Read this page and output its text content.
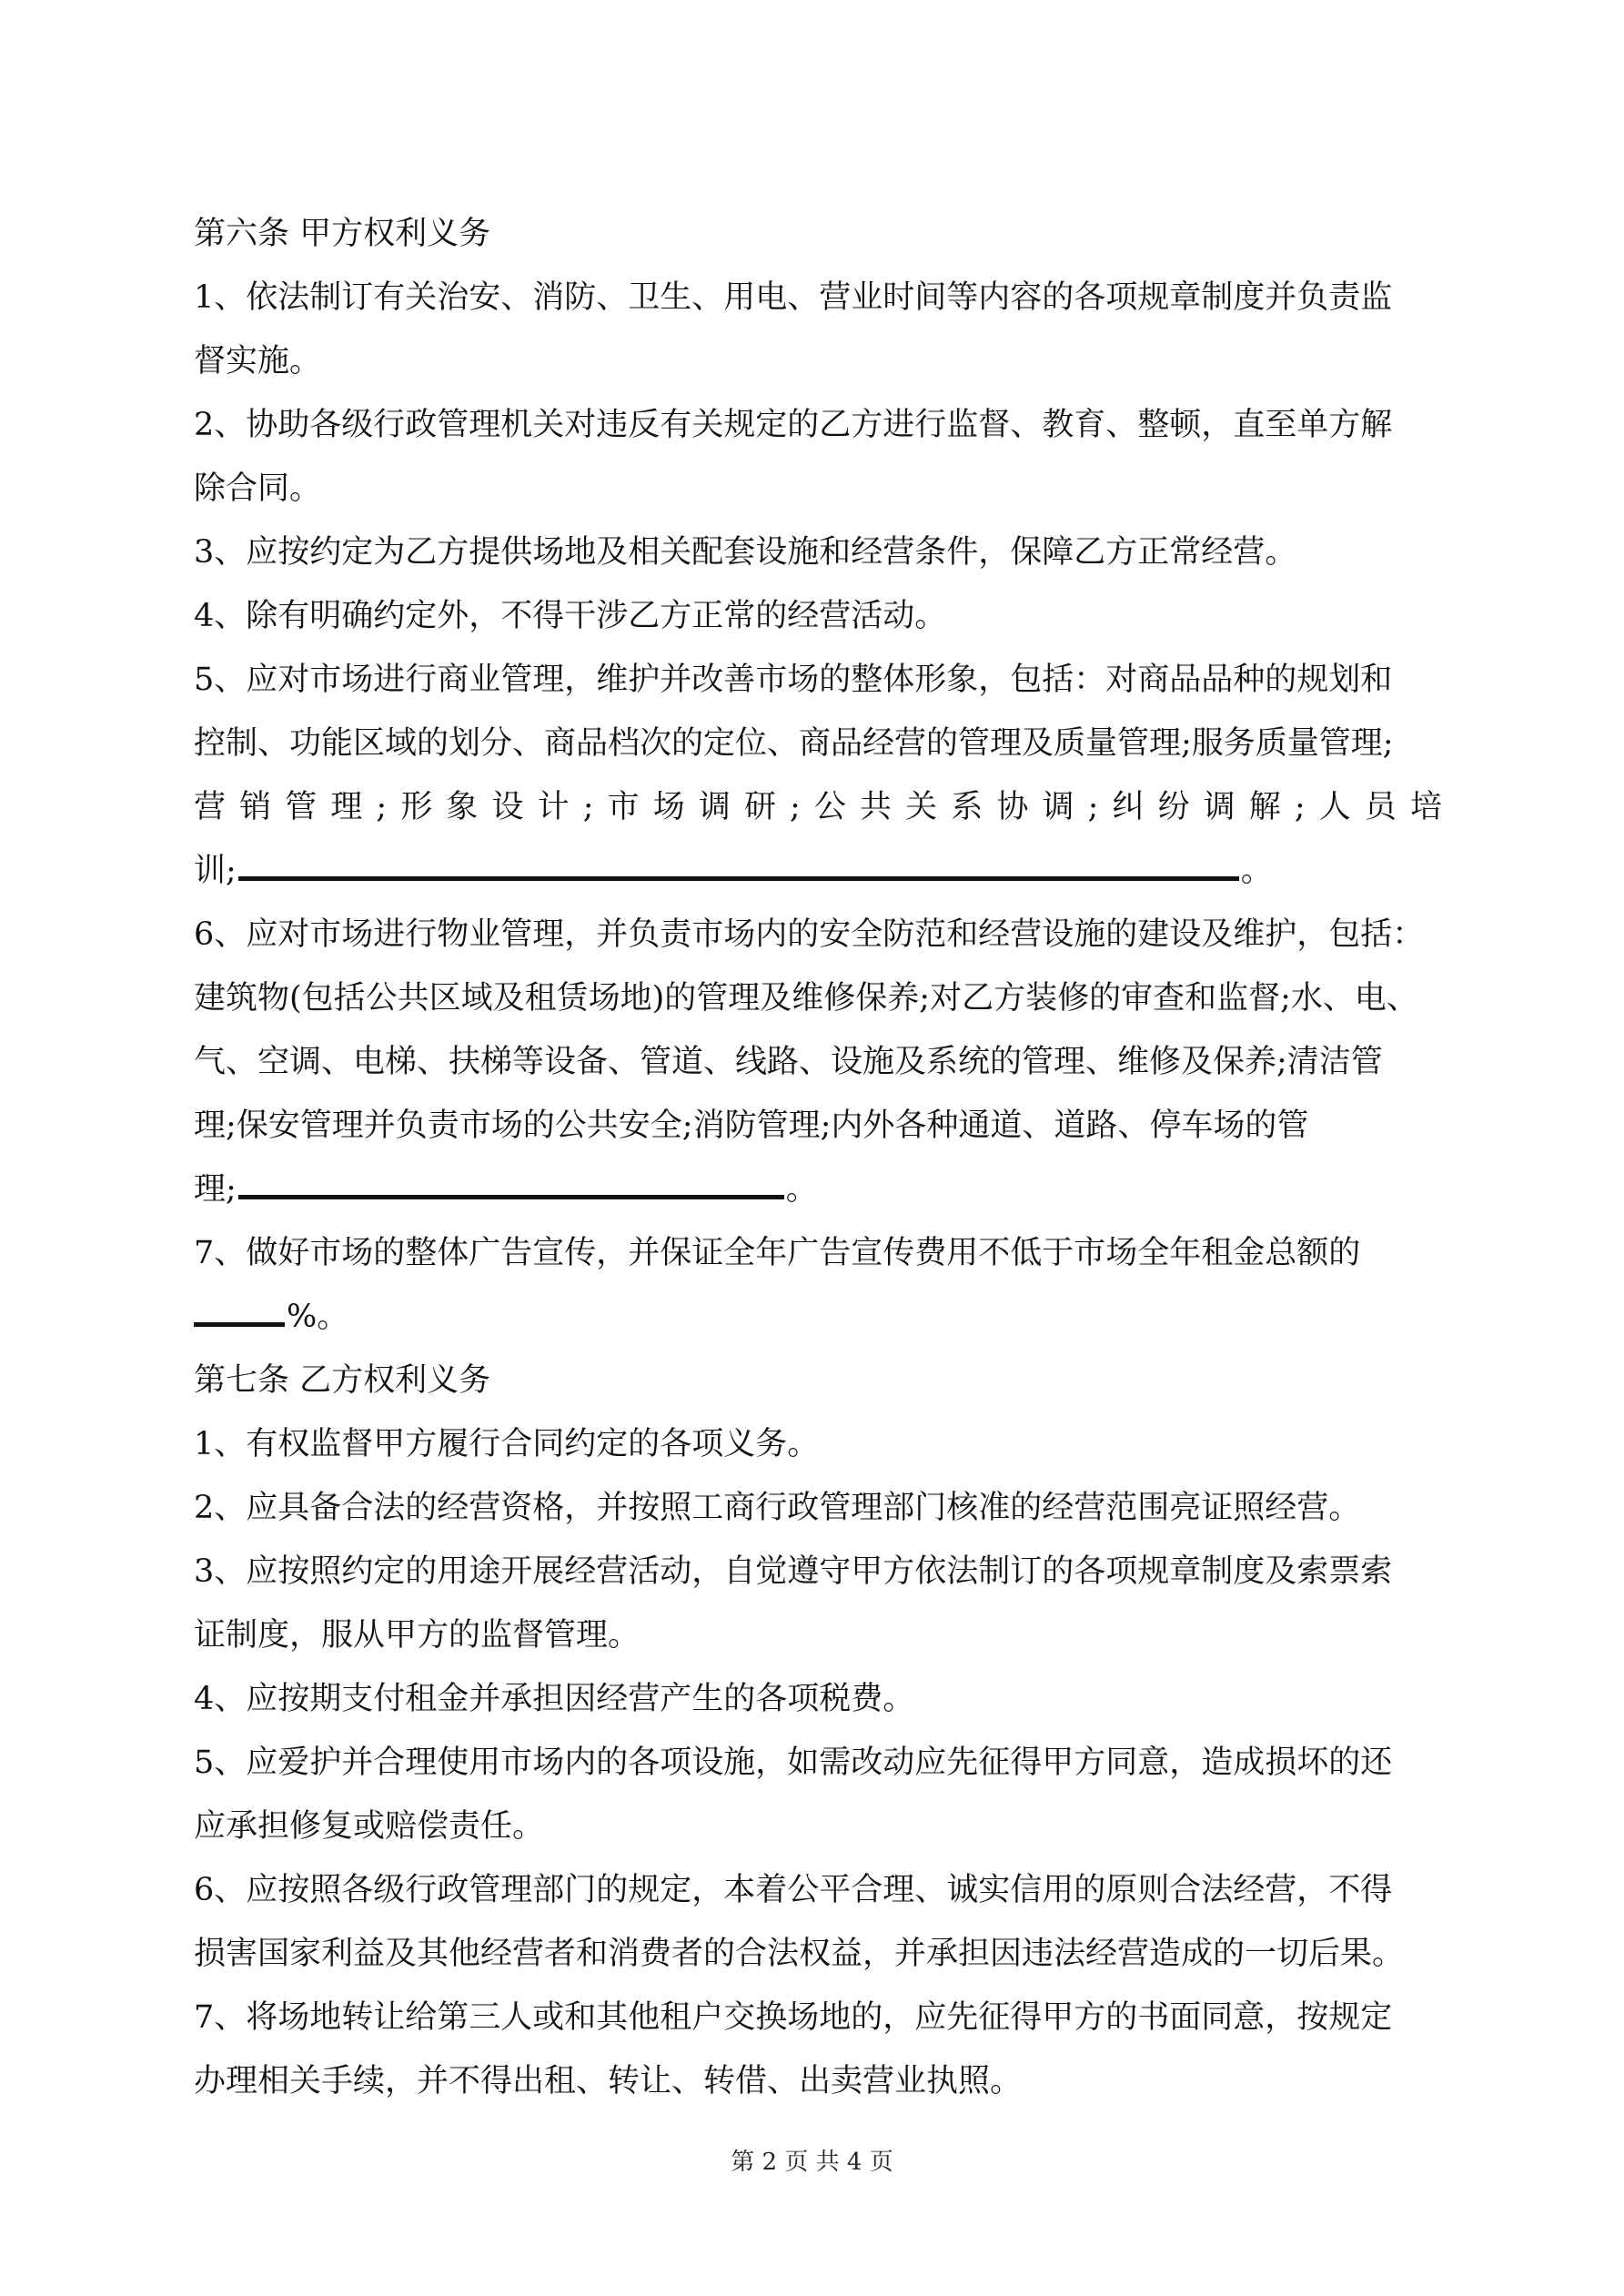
第六条 甲方权利义务
1、依法制订有关治安、消防、卫生、用电、营业时间等内容的各项规章制度并负责监
督实施。
2、协助各级行政管理机关对违反有关规定的乙方进行监督、教育、整顿，直至单方解
除合同。
3、应按约定为乙方提供场地及相关配套设施和经营条件，保障乙方正常经营。
4、除有明确约定外，不得干涉乙方正常的经营活动。
5、应对市场进行商业管理，维护并改善市场的整体形象，包括：对商品品种的规划和
控制、功能区域的划分、商品档次的定位、商品经营的管理及质量管理;服务质量管理;
营销管理;形象设计;市场调研;公共关系协调;纠纷调解;人员培
训;	。
6、应对市场进行物业管理，并负责市场内的安全防范和经营设施的建设及维护，包括：
建筑物(包括公共区域及租赁场地)的管理及维修保养;对乙方装修的审查和监督;水、电、
气、空调、电梯、扶梯等设备、管道、线路、设施及系统的管理、维修及保养;清洁管
理;保安管理并负责市场的公共安全;消防管理;内外各种通道、道路、停车场的管
理;	。
7、做好市场的整体广告宣传，并保证全年广告宣传费用不低于市场全年租金总额的
%。
第七条 乙方权利义务
1、有权监督甲方履行合同约定的各项义务。
2、应具备合法的经营资格，并按照工商行政管理部门核准的经营范围亮证照经营。
3、应按照约定的用途开展经营活动，自觉遵守甲方依法制订的各项规章制度及索票索
证制度，服从甲方的监督管理。
4、应按期支付租金并承担因经营产生的各项税费。
5、应爱护并合理使用市场内的各项设施，如需改动应先征得甲方同意，造成损坏的还
应承担修复或赔偿责任。
6、应按照各级行政管理部门的规定，本着公平合理、诚实信用的原则合法经营，不得
损害国家利益及其他经营者和消费者的合法权益，并承担因违法经营造成的一切后果。
7、将场地转让给第三人或和其他租户交换场地的，应先征得甲方的书面同意，按规定
办理相关手续，并不得出租、转让、转借、出卖营业执照。
第 2 页 共 4 页
